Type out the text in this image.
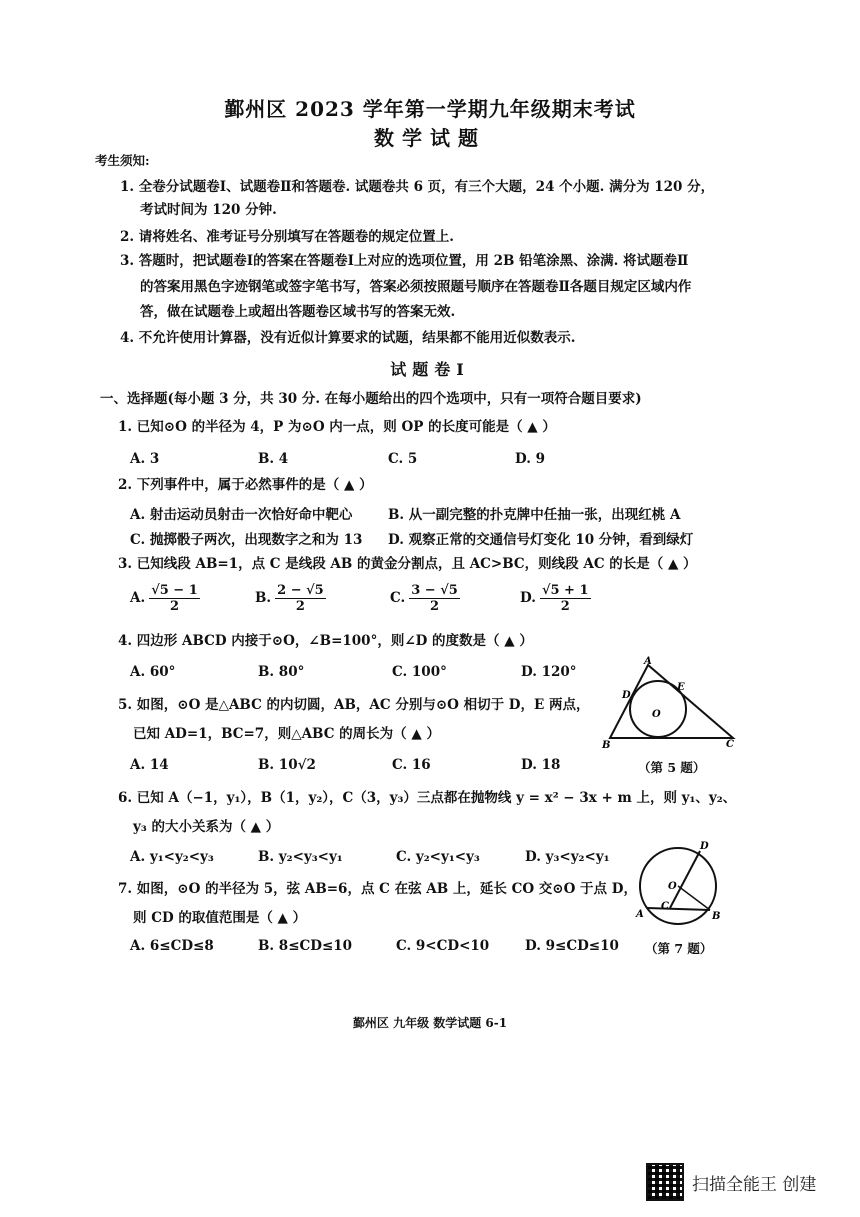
鄞州区 2023 学年第一学期九年级期末考试
数学试题
考生须知:
1. 全卷分试题卷Ⅰ、试题卷Ⅱ和答题卷. 试题卷共 6 页，有三个大题，24 个小题. 满分为 120 分，
考试时间为 120 分钟.
2. 请将姓名、准考证号分别填写在答题卷的规定位置上.
3. 答题时，把试题卷Ⅰ的答案在答题卷Ⅰ上对应的选项位置，用 2B 铅笔涂黑、涂满. 将试题卷Ⅱ
的答案用黑色字迹钢笔或签字笔书写，答案必须按照题号顺序在答题卷Ⅱ各题目规定区域内作
答，做在试题卷上或超出答题卷区域书写的答案无效.
4. 不允许使用计算器，没有近似计算要求的试题，结果都不能用近似数表示.
试题卷Ⅰ
一、选择题(每小题 3 分，共 30 分. 在每小题给出的四个选项中，只有一项符合题目要求)
1. 已知⊙O 的半径为 4，P 为⊙O 内一点，则 OP 的长度可能是（ ▲ ）
A. 3	B. 4	C. 5	D. 9
2. 下列事件中，属于必然事件的是（ ▲ ）
A. 射击运动员射击一次恰好命中靶心	B. 从一副完整的扑克牌中任抽一张，出现红桃 A
C. 抛掷骰子两次，出现数字之和为 13 D. 观察正常的交通信号灯变化 10 分钟，看到绿灯
3. 已知线段 AB=1，点 C 是线段 AB 的黄金分割点，且 AC>BC，则线段 AC 的长是（ ▲ ）
A. $\frac{√5 - 1}{2}$	B. $\frac{2 - √5}{2}$	C. $\frac{3 - √5}{2}$	D. $\frac{√5 + 1}{2}$
4. 四边形 ABCD 内接于⊙O，∠B=100°，则∠D 的度数是（ ▲ ）
A. 60°	B. 80°	C. 100°	D. 120°
5. 如图，⊙O 是△ABC 的内切圆，AB，AC 分别与⊙O 相切于 D，E 两点，
已知 AD=1，BC=7，则△ABC 的周长为（ ▲ ）
A. 14	B. 10√2	C. 16	D. 18	（第 5 题）
A
B	C
D
E
O
6. 已知 A（−1，y₁），B（1，y₂），C（3，y₃）三点都在抛物线 y = x² − 3x + m 上，则 y₁、y₂、
y₃ 的大小关系为（ ▲ ）
A. y₁<y₂<y₃	B. y₂<y₃<y₁	C. y₂<y₁<y₃	D. y₃<y₂<y₁
7. 如图，⊙O 的半径为 5，弦 AB=6，点 C 在弦 AB 上，延长 CO 交⊙O 于点 D，
则 CD 的取值范围是（ ▲ ）
A. 6≤CD≤8	B. 8≤CD≤10	C. 9<CD<10	D. 9≤CD≤10 （第 7 题）
D
O
C
A	B
鄞州区 九年级 数学试题 6-1
扫描全能王 创建
